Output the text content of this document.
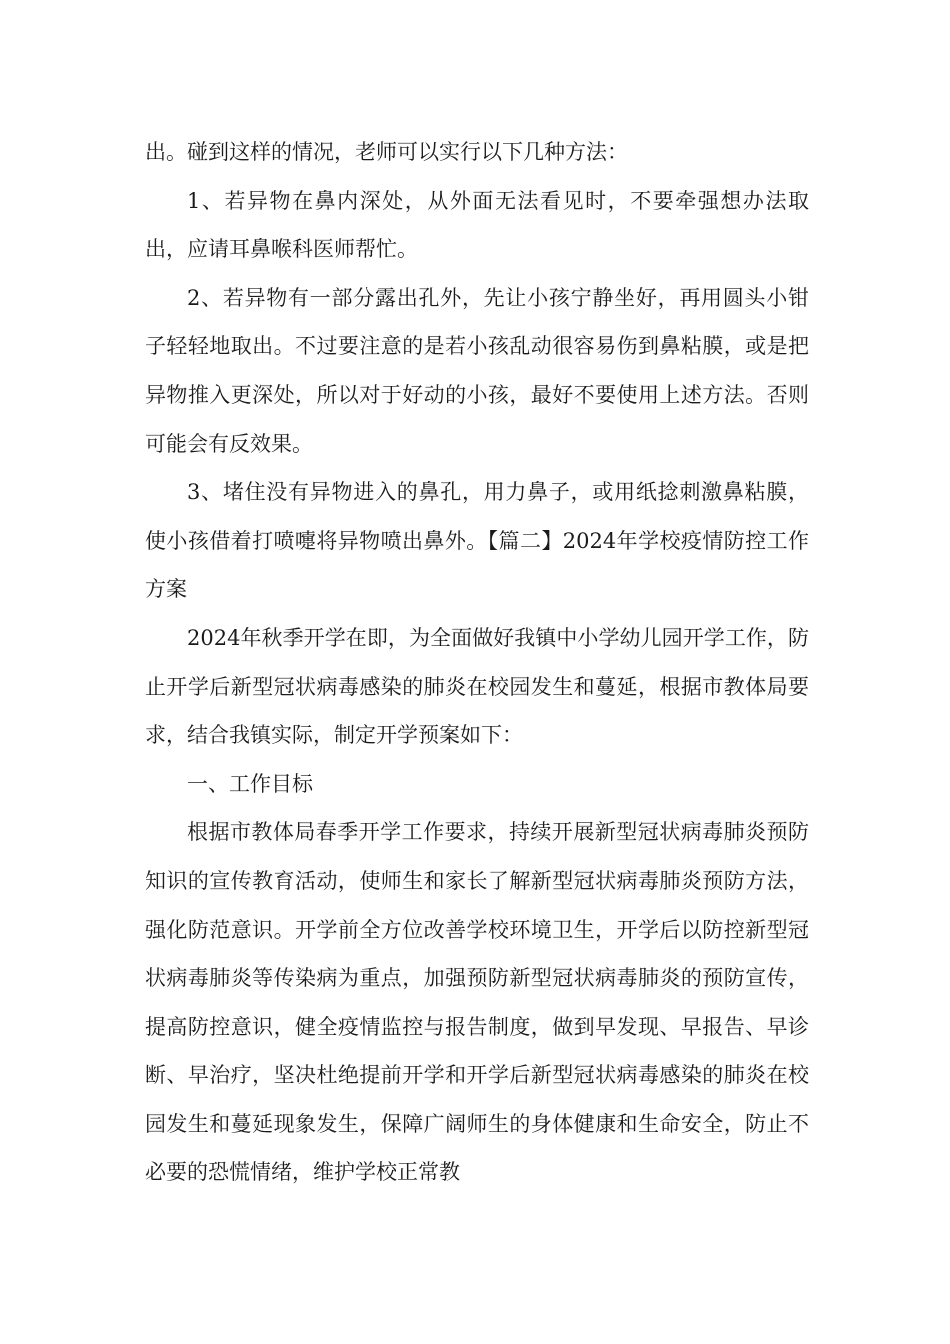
出。碰到这样的情况，老师可以实行以下几种方法：

1、若异物在鼻内深处，从外面无法看见时，不要牵强想办法取出，应请耳鼻喉科医师帮忙。

2、若异物有一部分露出孔外，先让小孩宁静坐好，再用圆头小钳子轻轻地取出。不过要注意的是若小孩乱动很容易伤到鼻粘膜，或是把异物推入更深处，所以对于好动的小孩，最好不要使用上述方法。否则可能会有反效果。

3、堵住没有异物进入的鼻孔，用力鼻子，或用纸捻刺激鼻粘膜，使小孩借着打喷嚏将异物喷出鼻外。【篇二】2024年学校疫情防控工作方案

2024年秋季开学在即，为全面做好我镇中小学幼儿园开学工作，防止开学后新型冠状病毒感染的肺炎在校园发生和蔓延，根据市教体局要求，结合我镇实际，制定开学预案如下：

一、工作目标

根据市教体局春季开学工作要求，持续开展新型冠状病毒肺炎预防知识的宣传教育活动，使师生和家长了解新型冠状病毒肺炎预防方法，强化防范意识。开学前全方位改善学校环境卫生，开学后以防控新型冠状病毒肺炎等传染病为重点，加强预防新型冠状病毒肺炎的预防宣传，提高防控意识，健全疫情监控与报告制度，做到早发现、早报告、早诊断、早治疗，坚决杜绝提前开学和开学后新型冠状病毒感染的肺炎在校园发生和蔓延现象发生，保障广阔师生的身体健康和生命安全，防止不必要的恐慌情绪，维护学校正常教
